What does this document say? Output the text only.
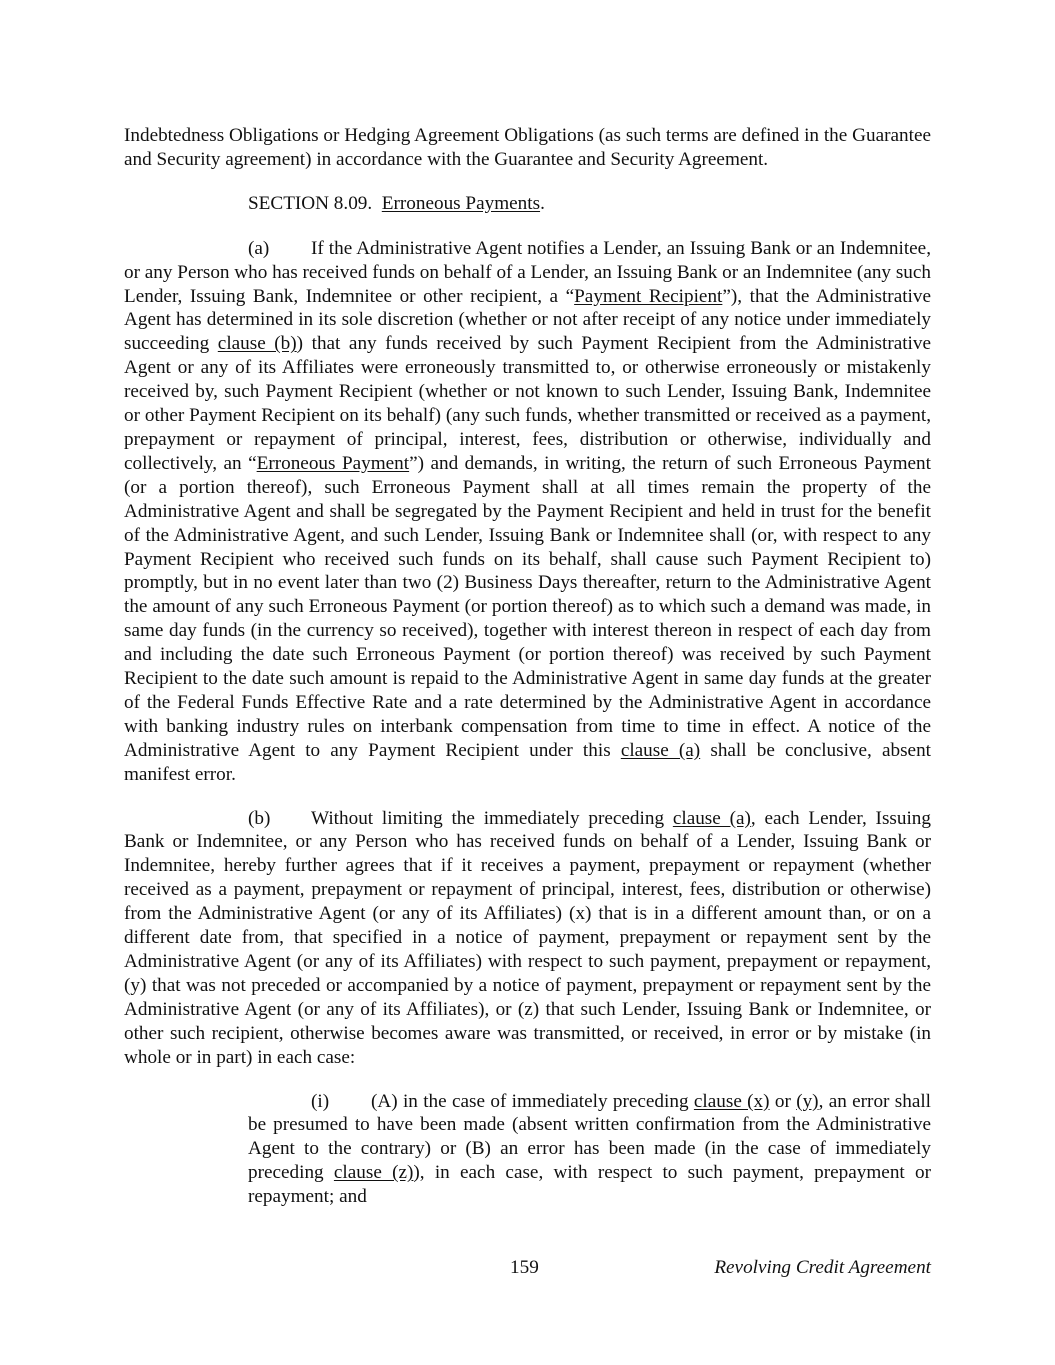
Indebtedness Obligations or Hedging Agreement Obligations (as such terms are defined in the Guarantee and Security agreement) in accordance with the Guarantee and Security Agreement.

SECTION 8.09. Erroneous Payments.

(a) If the Administrative Agent notifies a Lender, an Issuing Bank or an Indemnitee, or any Person who has received funds on behalf of a Lender, an Issuing Bank or an Indemnitee (any such Lender, Issuing Bank, Indemnitee or other recipient, a “Payment Recipient”), that the Administrative Agent has determined in its sole discretion (whether or not after receipt of any notice under immediately succeeding clause (b)) that any funds received by such Payment Recipient from the Administrative Agent or any of its Affiliates were erroneously transmitted to, or otherwise erroneously or mistakenly received by, such Payment Recipient (whether or not known to such Lender, Issuing Bank, Indemnitee or other Payment Recipient on its behalf) (any such funds, whether transmitted or received as a payment, prepayment or repayment of principal, interest, fees, distribution or otherwise, individually and collectively, an “Erroneous Payment”) and demands, in writing, the return of such Erroneous Payment (or a portion thereof), such Erroneous Payment shall at all times remain the property of the Administrative Agent and shall be segregated by the Payment Recipient and held in trust for the benefit of the Administrative Agent, and such Lender, Issuing Bank or Indemnitee shall (or, with respect to any Payment Recipient who received such funds on its behalf, shall cause such Payment Recipient to) promptly, but in no event later than two (2) Business Days thereafter, return to the Administrative Agent the amount of any such Erroneous Payment (or portion thereof) as to which such a demand was made, in same day funds (in the currency so received), together with interest thereon in respect of each day from and including the date such Erroneous Payment (or portion thereof) was received by such Payment Recipient to the date such amount is repaid to the Administrative Agent in same day funds at the greater of the Federal Funds Effective Rate and a rate determined by the Administrative Agent in accordance with banking industry rules on interbank compensation from time to time in effect. A notice of the Administrative Agent to any Payment Recipient under this clause (a) shall be conclusive, absent manifest error.

(b) Without limiting the immediately preceding clause (a), each Lender, Issuing Bank or Indemnitee, or any Person who has received funds on behalf of a Lender, Issuing Bank or Indemnitee, hereby further agrees that if it receives a payment, prepayment or repayment (whether received as a payment, prepayment or repayment of principal, interest, fees, distribution or otherwise) from the Administrative Agent (or any of its Affiliates) (x) that is in a different amount than, or on a different date from, that specified in a notice of payment, prepayment or repayment sent by the Administrative Agent (or any of its Affiliates) with respect to such payment, prepayment or repayment, (y) that was not preceded or accompanied by a notice of payment, prepayment or repayment sent by the Administrative Agent (or any of its Affiliates), or (z) that such Lender, Issuing Bank or Indemnitee, or other such recipient, otherwise becomes aware was transmitted, or received, in error or by mistake (in whole or in part) in each case:

(i) (A) in the case of immediately preceding clause (x) or (y), an error shall be presumed to have been made (absent written confirmation from the Administrative Agent to the contrary) or (B) an error has been made (in the case of immediately preceding clause (z)), in each case, with respect to such payment, prepayment or repayment; and

159	Revolving Credit Agreement
